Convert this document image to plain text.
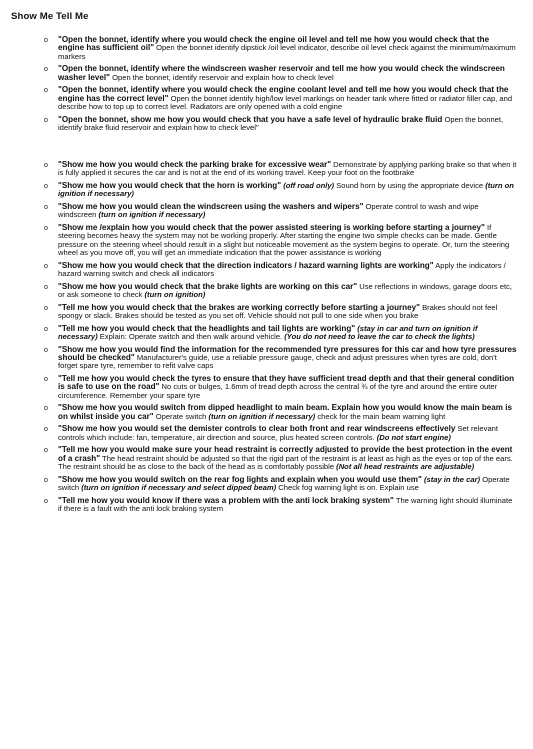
Show Me Tell Me
o "Open the bonnet, identify where you would check the engine oil level and tell me how you would check that the engine has sufficient oil" Open the bonnet identify dipstick /oil level indicator, describe oil level check against the minimum/maximum markers
o "Open the bonnet, identify where the windscreen washer reservoir and tell me how you would check the windscreen washer level" Open the bonnet, identify reservoir and explain how to check level
o "Open the bonnet, identify where you would check the engine coolant level and tell me how you would check that the engine has the correct level" Open the bonnet identify high/low level markings on header tank where fitted or radiator filler cap, and describe how to top up to correct level. Radiators are only opened with a cold engine
o "Open the bonnet, show me how you would check that you have a safe level of hydraulic brake fluid Open the bonnet, identify brake fluid reservoir and explain how to check level"
o "Show me how you would check the parking brake for excessive wear" Demonstrate by applying parking brake so that when it is fully applied it secures the car and is not at the end of its working travel. Keep your foot on the footbrake
o "Show me how you would check that the horn is working" (off road only) Sound horn by using the appropriate device (turn on ignition if necessary)
o "Show me how you would clean the windscreen using the washers and wipers" Operate control to wash and wipe windscreen (turn on ignition if necessary)
o "Show me /explain how you would check that the power assisted steering is working before starting a journey" If steering becomes heavy the system may not be working properly. After starting the engine two simple checks can be made. Gentle pressure on the steering wheel should result in a slight but noticeable movement as the system begins to operate. Or, turn the steering wheel as you move off, you will get an immediate indication that the power assistance is working
o "Show me how you would check that the direction indicators / hazard warning lights are working" Apply the indicators / hazard warning switch and check all indicators
o "Show me how you would check that the brake lights are working on this car" Use reflections in windows, garage doors etc, or ask someone to check (turn on ignition)
o "Tell me how you would check that the brakes are working correctly before starting a journey" Brakes should not feel spongy or slack. Brakes should be tested as you set off. Vehicle should not pull to one side when you brake
o "Tell me how you would check that the headlights and tail lights are working" (stay in car and turn on ignition if necessary) Explain: Operate switch and then walk around vehicle. (You do not need to leave the car to check the lights)
o "Show me how you would find the information for the recommended tyre pressures for this car and how tyre pressures should be checked" Manufacturer's guide, use a reliable pressure gauge, check and adjust pressures when tyres are cold, don't forget spare tyre, remember to refit valve caps
o "Tell me how you would check the tyres to ensure that they have sufficient tread depth and that their general condition is safe to use on the road" No cuts or bulges, 1.6mm of tread depth across the central ¾ of the tyre and around the entire outer circumference. Remember your spare tyre
o "Show me how you would switch from dipped headlight to main beam. Explain how you would know the main beam is on whilst inside you car" Operate switch (turn on ignition if necessary) check for the main beam warning light
o "Show me how you would set the demister controls to clear both front and rear windscreens effectively Set relevant controls which include: fan, temperature, air direction and source, plus heated screen controls. (Do not start engine)
o "Tell me how you would make sure your head restraint is correctly adjusted to provide the best protection in the event of a crash" The head restraint should be adjusted so that the rigid part of the restraint is at least as high as the eyes or top of the ears. The restraint should be as close to the back of the head as is comfortably possible (Not all head restraints are adjustable)
o "Show me how you would switch on the rear fog lights and explain when you would use them" (stay in the car) Operate switch (turn on ignition if necessary and select dipped beam) Check fog warning light is on. Explain use
o "Tell me how you would know if there was a problem with the anti lock braking system" The warning light should illuminate if there is a fault with the anti lock braking system
